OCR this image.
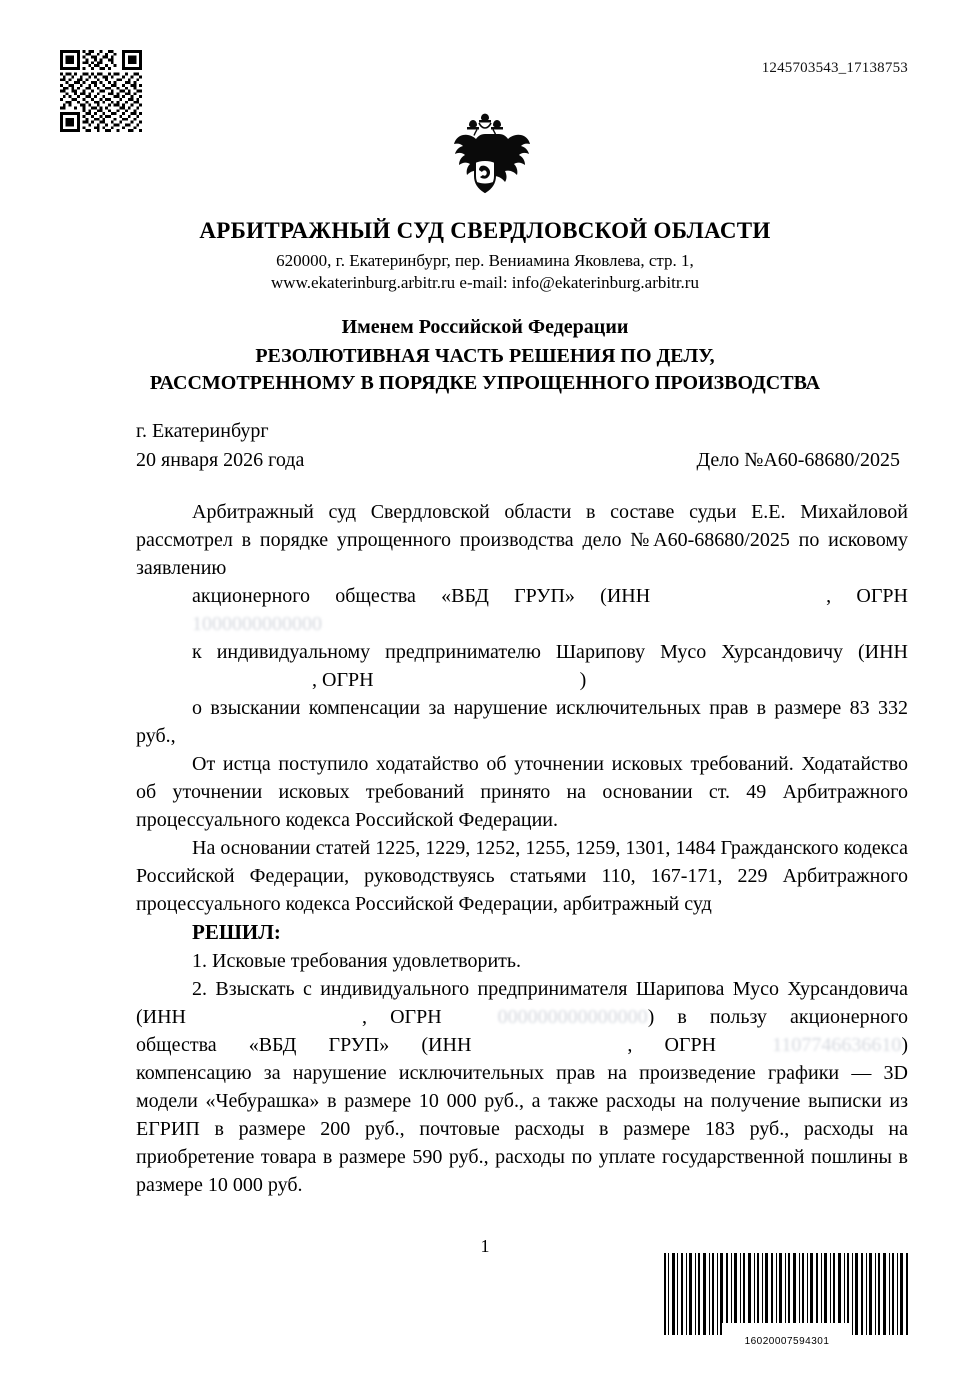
1245703543_17138753
АРБИТРАЖНЫЙ СУД СВЕРДЛОВСКОЙ ОБЛАСТИ
620000, г. Екатеринбург, пер. Вениамина Яковлева, стр. 1,
www.ekaterinburg.arbitr.ru e-mail: info@ekaterinburg.arbitr.ru
Именем Российской Федерации
РЕЗОЛЮТИВНАЯ ЧАСТЬ РЕШЕНИЯ ПО ДЕЛУ,
РАССМОТРЕННОМУ В ПОРЯДКЕ УПРОЩЕННОГО ПРОИЗВОДСТВА
г. Екатеринбург
20 января 2026 года	Дело №А60-68680/2025

Арбитражный суд Свердловской области в составе судьи Е.Е. Михайловой рассмотрел в порядке упрощенного производства дело №А60-68680/2025 по исковому заявлению

акционерного общества «ВБД ГРУП» (ИНН	, ОГРН1000000000000

к индивидуальному предпринимателю Шарипову Мусо Хурсандовичу (ИНН, ОГРН	)

о взыскании компенсации за нарушение исключительных прав в размере 83 332 руб.,

От истца поступило ходатайство об уточнении исковых требований. Ходатайство об уточнении исковых требований принято на основании ст. 49 Арбитражного процессуального кодекса Российской Федерации.

На основании статей 1225, 1229, 1252, 1255, 1259, 1301, 1484 Гражданского кодекса Российской Федерации, руководствуясь статьями 110, 167-171, 229 Арбитражного процессуального кодекса Российской Федерации, арбитражный суд

РЕШИЛ:

1. Исковые требования удовлетворить.

2. Взыскать с индивидуального предпринимателя Шарипова Мусо Хурсандовича (ИНН	, ОГРН	000000000000000) в пользу акционерного общества «ВБД ГРУП» (ИНН	, ОГРН	1107746636610) компенсацию за нарушение исключительных прав на произведение графики — 3D модели «Чебурашка» в размере 10 000 руб., а также расходы на получение выписки из ЕГРИП в размере 200 руб., почтовые расходы в размере 183 руб., расходы на приобретение товара в размере 590 руб., расходы по уплате государственной пошлины в размере 10 000 руб.

1
16020007594301
